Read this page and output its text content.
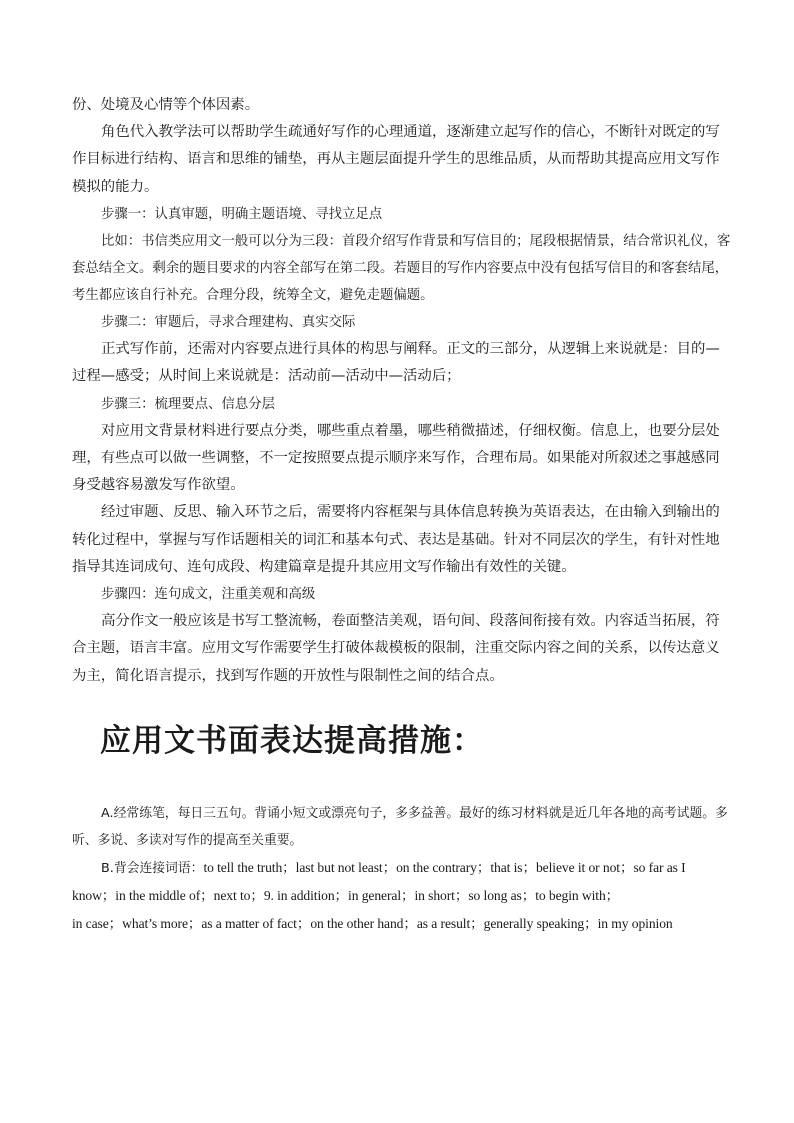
份、处境及心情等个体因素。

角色代入教学法可以帮助学生疏通好写作的心理通道，逐渐建立起写作的信心，不断针对既定的写作目标进行结构、语言和思维的铺垫，再从主题层面提升学生的思维品质，从而帮助其提高应用文写作模拟的能力。

步骤一：认真审题，明确主题语境、寻找立足点

比如：书信类应用文一般可以分为三段：首段介绍写作背景和写信目的；尾段根据情景，结合常识礼仪，客套总结全文。剩余的题目要求的内容全部写在第二段。若题目的写作内容要点中没有包括写信目的和客套结尾，考生都应该自行补充。合理分段，统筹全文，避免走题偏题。

步骤二：审题后，寻求合理建构、真实交际

正式写作前，还需对内容要点进行具体的构思与阐释。正文的三部分，从逻辑上来说就是：目的—过程—感受；从时间上来说就是：活动前—活动中—活动后；

步骤三：梳理要点、信息分层

对应用文背景材料进行要点分类，哪些重点着墨，哪些稍微描述，仔细权衡。信息上，也要分层处理，有些点可以做一些调整，不一定按照要点提示顺序来写作，合理布局。如果能对所叙述之事越感同身受越容易激发写作欲望。

经过审题、反思、输入环节之后，需要将内容框架与具体信息转换为英语表达，在由输入到输出的转化过程中，掌握与写作话题相关的词汇和基本句式、表达是基础。针对不同层次的学生，有针对性地指导其连词成句、连句成段、构建篇章是提升其应用文写作输出有效性的关键。

步骤四：连句成文，注重美观和高级

高分作文一般应该是书写工整流畅，卷面整洁美观，语句间、段落间衔接有效。内容适当拓展，符合主题，语言丰富。应用文写作需要学生打破体裁模板的限制，注重交际内容之间的关系，以传达意义为主，简化语言提示，找到写作题的开放性与限制性之间的结合点。

应用文书面表达提高措施：

A.经常练笔，每日三五句。背诵小短文或漂亮句子，多多益善。最好的练习材料就是近几年各地的高考试题。多听、多说、多读对写作的提高至关重要。

B.背会连接词语：to tell the truth；last but not least；on the contrary；that is；believe it or not；so far as I know；in the middle of；next to；9. in addition；in general；in short；so long as；to begin with；

in case；what’s more；as a matter of fact；on the other hand；as a result；generally speaking；in my opinion
